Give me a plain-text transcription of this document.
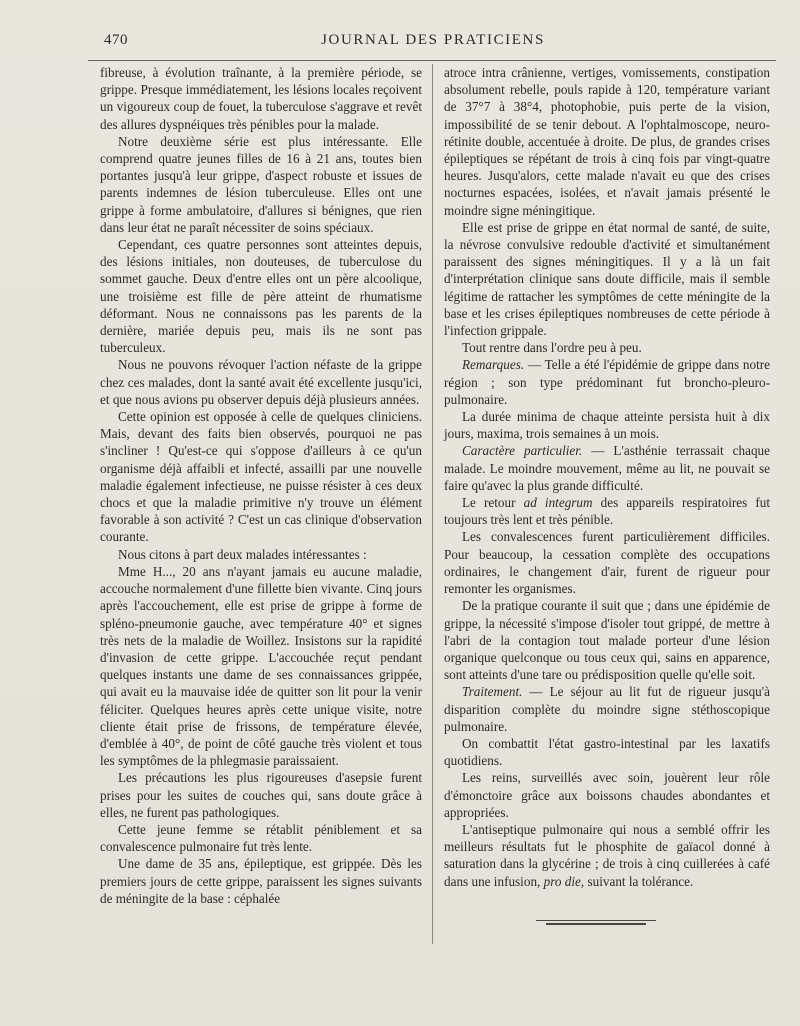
470	JOURNAL DES PRATICIENS

fibreuse, à évolution traînante, à la première période, se grippe. Presque immédiatement, les lésions locales reçoivent un vigoureux coup de fouet, la tuberculose s'aggrave et revêt des allures dyspnéiques très pénibles pour la malade.

Notre deuxième série est plus intéressante. Elle comprend quatre jeunes filles de 16 à 21 ans, toutes bien portantes jusqu'à leur grippe, d'aspect robuste et issues de parents indemnes de lésion tuberculeuse. Elles ont une grippe à forme ambulatoire, d'allures si bénignes, que rien dans leur état ne paraît nécessiter de soins spéciaux.

Cependant, ces quatre personnes sont atteintes depuis, des lésions initiales, non douteuses, de tuberculose du sommet gauche. Deux d'entre elles ont un père alcoolique, une troisième est fille de père atteint de rhumatisme déformant. Nous ne connaissons pas les parents de la dernière, mariée depuis peu, mais ils ne sont pas tuberculeux.

Nous ne pouvons révoquer l'action néfaste de la grippe chez ces malades, dont la santé avait été excellente jusqu'ici, et que nous avions pu observer depuis déjà plusieurs années.

Cette opinion est opposée à celle de quelques cliniciens. Mais, devant des faits bien observés, pourquoi ne pas s'incliner ! Qu'est-ce qui s'oppose d'ailleurs à ce qu'un organisme déjà affaibli et infecté, assailli par une nouvelle maladie également infectieuse, ne puisse résister à ces deux chocs et que la maladie primitive n'y trouve un élément favorable à son activité ? C'est un cas clinique d'observation courante.

Nous citons à part deux malades intéressantes :

Mme H..., 20 ans n'ayant jamais eu aucune maladie, accouche normalement d'une fillette bien vivante. Cinq jours après l'accouchement, elle est prise de grippe à forme de spléno-pneumonie gauche, avec température 40° et signes très nets de la maladie de Woillez. Insistons sur la rapidité d'invasion de cette grippe. L'accouchée reçut pendant quelques instants une dame de ses connaissances grippée, qui avait eu la mauvaise idée de quitter son lit pour la venir féliciter. Quelques heures après cette unique visite, notre cliente était prise de frissons, de température élevée, d'emblée à 40°, de point de côté gauche très violent et tous les symptômes de la phlegmasie paraissaient.

Les précautions les plus rigoureuses d'asepsie furent prises pour les suites de couches qui, sans doute grâce à elles, ne furent pas pathologiques.

Cette jeune femme se rétablit péniblement et sa convalescence pulmonaire fut très lente.

Une dame de 35 ans, épileptique, est grippée. Dès les premiers jours de cette grippe, paraissent les signes suivants de méningite de la base : céphalée

atroce intra crânienne, vertiges, vomissements, constipation absolument rebelle, pouls rapide à 120, température variant de 37°7 à 38°4, photophobie, puis perte de la vision, impossibilité de se tenir debout. A l'ophtalmoscope, neuro-rétinite double, accentuée à droite. De plus, de grandes crises épileptiques se répétant de trois à cinq fois par vingt-quatre heures. Jusqu'alors, cette malade n'avait eu que des crises nocturnes espacées, isolées, et n'avait jamais présenté le moindre signe méningitique.

Elle est prise de grippe en état normal de santé, de suite, la névrose convulsive redouble d'activité et simultanément paraissent des signes méningitiques. Il y a là un fait d'interprétation clinique sans doute difficile, mais il semble légitime de rattacher les symptômes de cette méningite de la base et les crises épileptiques nombreuses de cette période à l'infection grippale.

Tout rentre dans l'ordre peu à peu.

Remarques. — Telle a été l'épidémie de grippe dans notre région ; son type prédominant fut broncho-pleuro-pulmonaire.

La durée minima de chaque atteinte persista huit à dix jours, maxima, trois semaines à un mois.

Caractère particulier. — L'asthénie terrassait chaque malade. Le moindre mouvement, même au lit, ne pouvait se faire qu'avec la plus grande difficulté.

Le retour ad integrum des appareils respiratoires fut toujours très lent et très pénible.

Les convalescences furent particulièrement difficiles. Pour beaucoup, la cessation complète des occupations ordinaires, le changement d'air, furent de rigueur pour remonter les organismes.

De la pratique courante il suit que ; dans une épidémie de grippe, la nécessité s'impose d'isoler tout grippé, de mettre à l'abri de la contagion tout malade porteur d'une lésion organique quelconque ou tous ceux qui, sains en apparence, sont atteints d'une tare ou prédisposition quelle qu'elle soit.

Traitement. — Le séjour au lit fut de rigueur jusqu'à disparition complète du moindre signe stéthoscopique pulmonaire.

On combattit l'état gastro-intestinal par les laxatifs quotidiens.

Les reins, surveillés avec soin, jouèrent leur rôle d'émonctoire grâce aux boissons chaudes abondantes et appropriées.

L'antiseptique pulmonaire qui nous a semblé offrir les meilleurs résultats fut le phosphite de gaïacol donné à saturation dans la glycérine ; de trois à cinq cuillerées à café dans une infusion, pro die, suivant la tolérance.
